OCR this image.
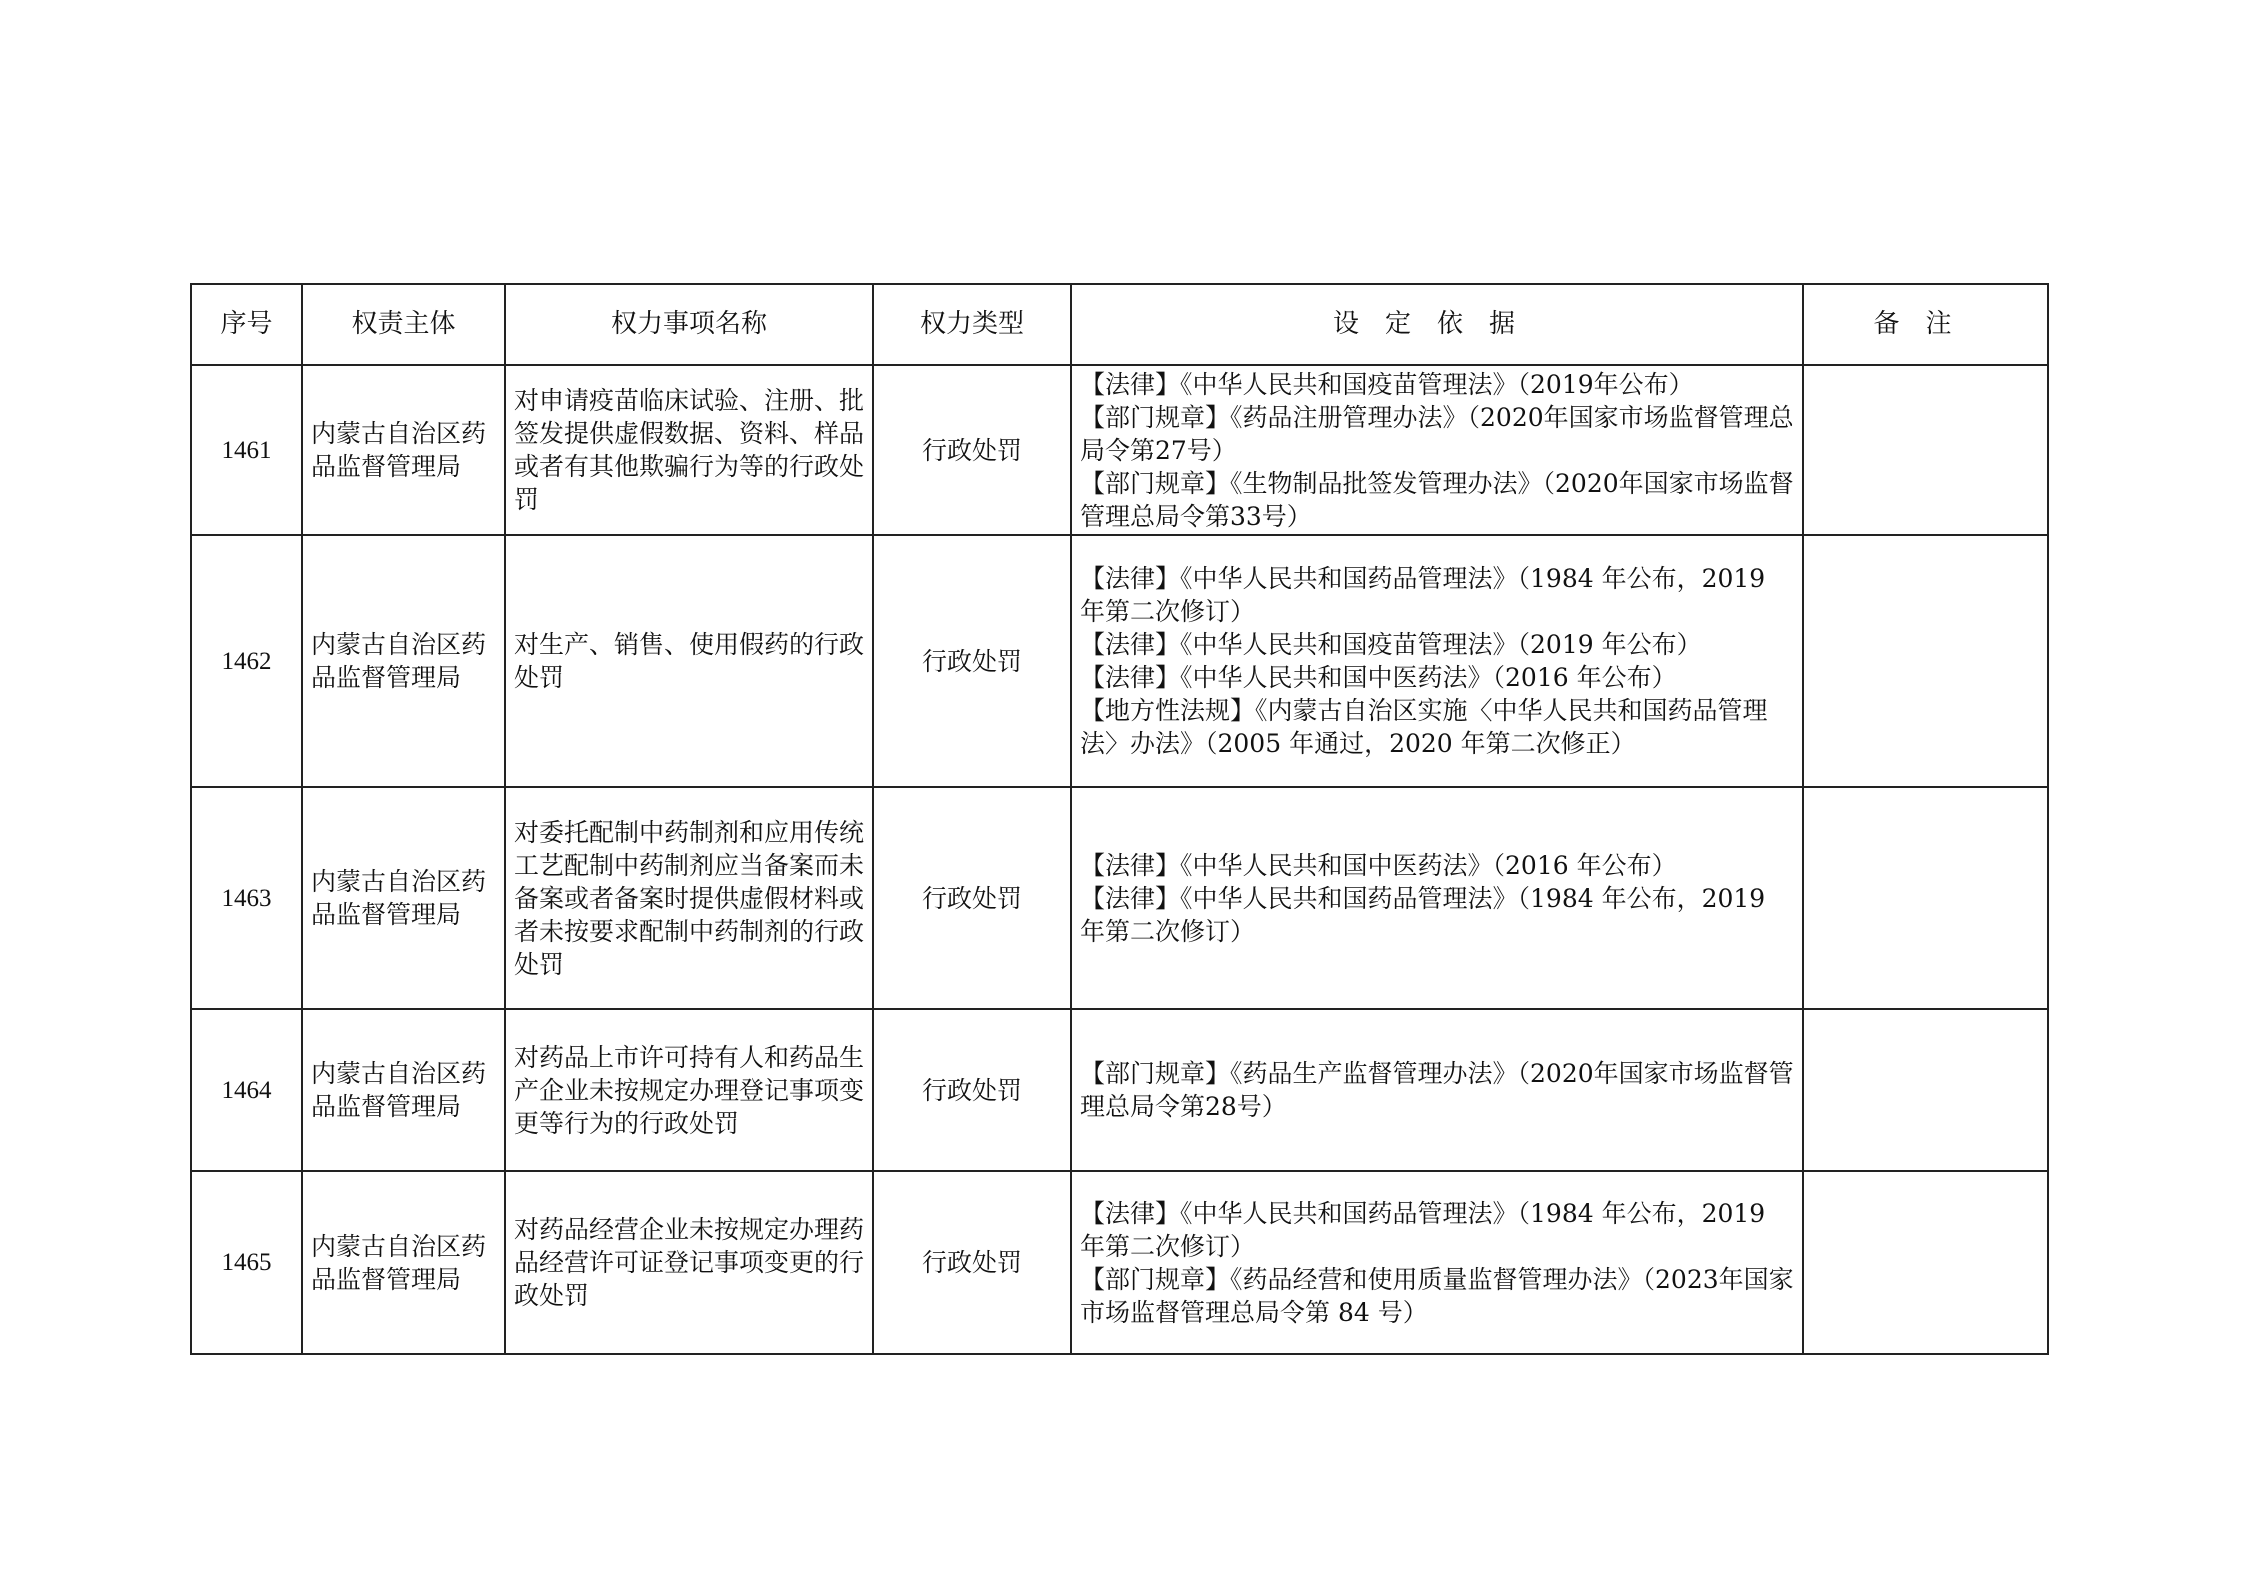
序号	权责主体	权力事项名称	权力类型	设定依据	备注
1461	内蒙古自治区药品监督管理局	对申请疫苗临床试验、注册、批签发提供虚假数据、资料、样品或者有其他欺骗行为等的行政处罚	行政处罚	【法律】《中华人民共和国疫苗管理法》（2019年公布）
【部门规章】《药品注册管理办法》（2020年国家市场监督管理总局令第27号）
【部门规章】《生物制品批签发管理办法》（2020年国家市场监督管理总局令第33号）	

1462	内蒙古自治区药品监督管理局	对生产、销售、使用假药的行政处罚	行政处罚	【法律】《中华人民共和国药品管理法》（1984 年公布，2019 年第二次修订）
【法律】《中华人民共和国疫苗管理法》（2019 年公布）
【法律】《中华人民共和国中医药法》（2016 年公布）
【地方性法规】《内蒙古自治区实施〈中华人民共和国药品管理法〉办法》（2005 年通过，2020 年第二次修正）	

1463	内蒙古自治区药品监督管理局	对委托配制中药制剂和应用传统工艺配制中药制剂应当备案而未备案或者备案时提供虚假材料或者未按要求配制中药制剂的行政处罚	行政处罚	【法律】《中华人民共和国中医药法》（2016 年公布）
【法律】《中华人民共和国药品管理法》（1984 年公布，2019 年第二次修订）	

1464	内蒙古自治区药品监督管理局	对药品上市许可持有人和药品生产企业未按规定办理登记事项变更等行为的行政处罚	行政处罚	【部门规章】《药品生产监督管理办法》（2020年国家市场监督管理总局令第28号）	

1465	内蒙古自治区药品监督管理局	对药品经营企业未按规定办理药品经营许可证登记事项变更的行政处罚	行政处罚	【法律】《中华人民共和国药品管理法》（1984 年公布，2019 年第二次修订）
【部门规章】《药品经营和使用质量监督管理办法》（2023年国家市场监督管理总局令第 84 号）	
